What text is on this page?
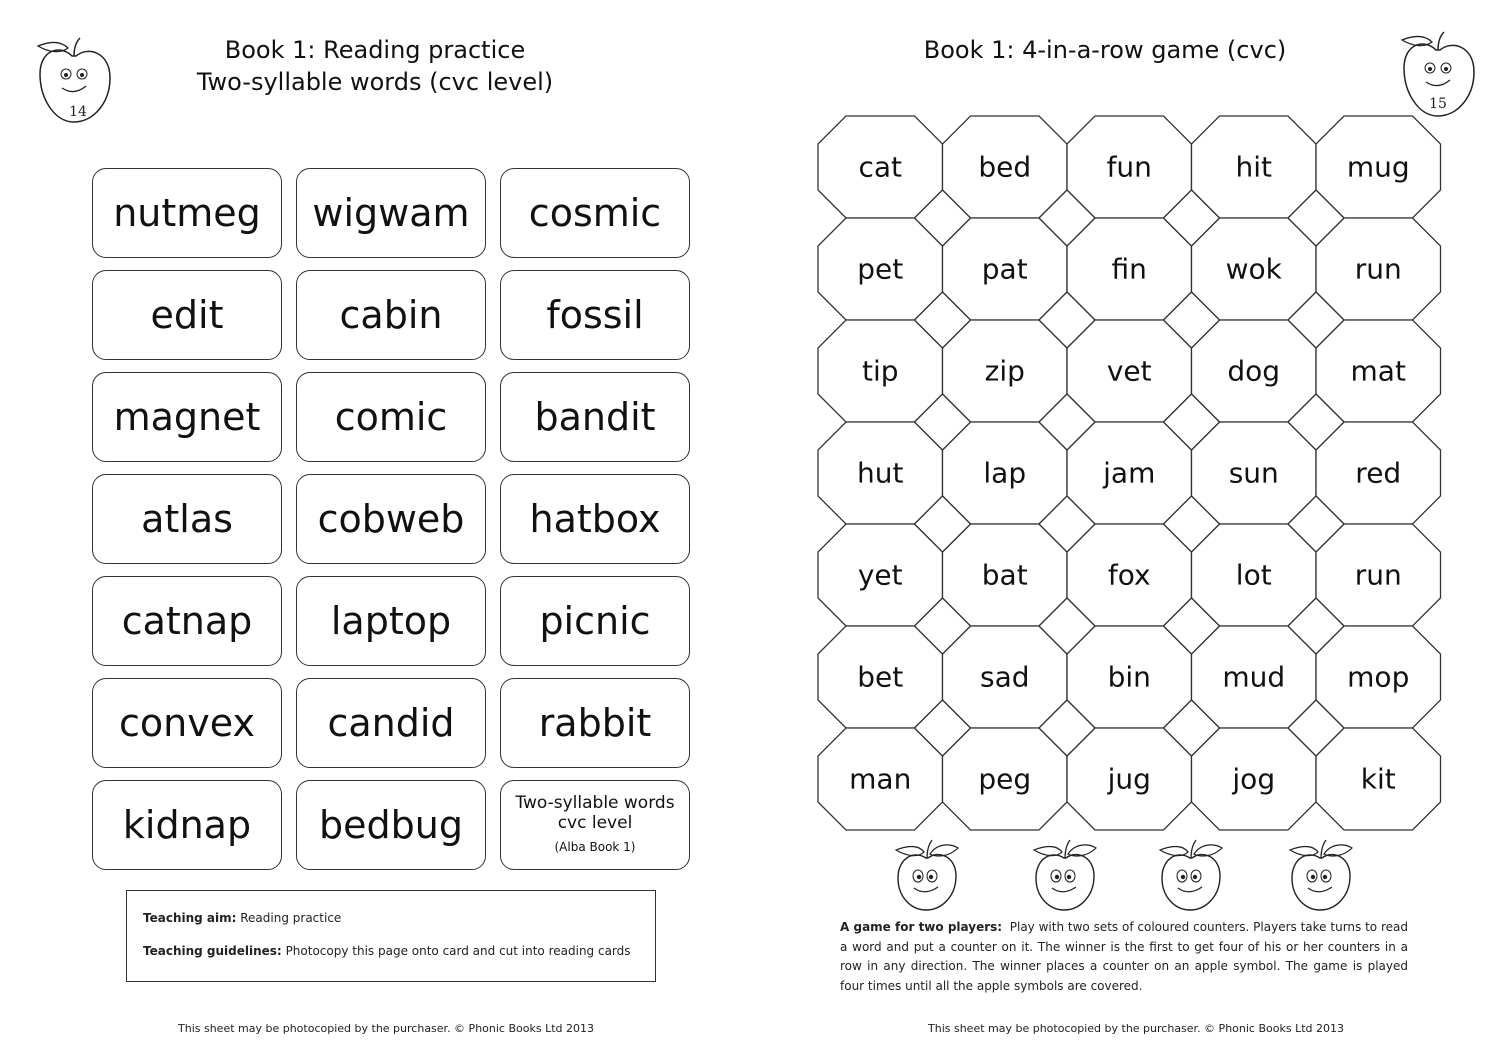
14
Book 1: Reading practice
Two-syllable words (cvc level)
nutmeg	wigwam	cosmic
edit	cabin	fossil
magnet	comic	bandit
atlas	cobweb	hatbox
catnap	laptop	picnic
convex	candid	rabbit
kidnap	bedbug	Two-syllable words
cvc level
(Alba Book 1)

Teaching aim: Reading practice

Teaching guidelines: Photocopy this page onto card and cut into reading cards

This sheet may be photocopied by the purchaser. © Phonic Books Ltd 2013
Book 1: 4-in-a-row game (cvc)
15
cat	bed	fun	hit	mug
pet	pat	fin	wok	run
tip	zip	vet	dog	mat
hut	lap	jam	sun	red
yet	bat	fox	lot	run
bet	sad	bin	mud mop
man peg	jug	jog	kit
A game for two players: Play with two sets of coloured counters. Players take turns to read a word and put a counter on it. The winner is the first to get four of his or her counters in a row in any direction. The winner places a counter on an apple symbol. The game is played four times until all the apple symbols are covered.
This sheet may be photocopied by the purchaser. © Phonic Books Ltd 2013
